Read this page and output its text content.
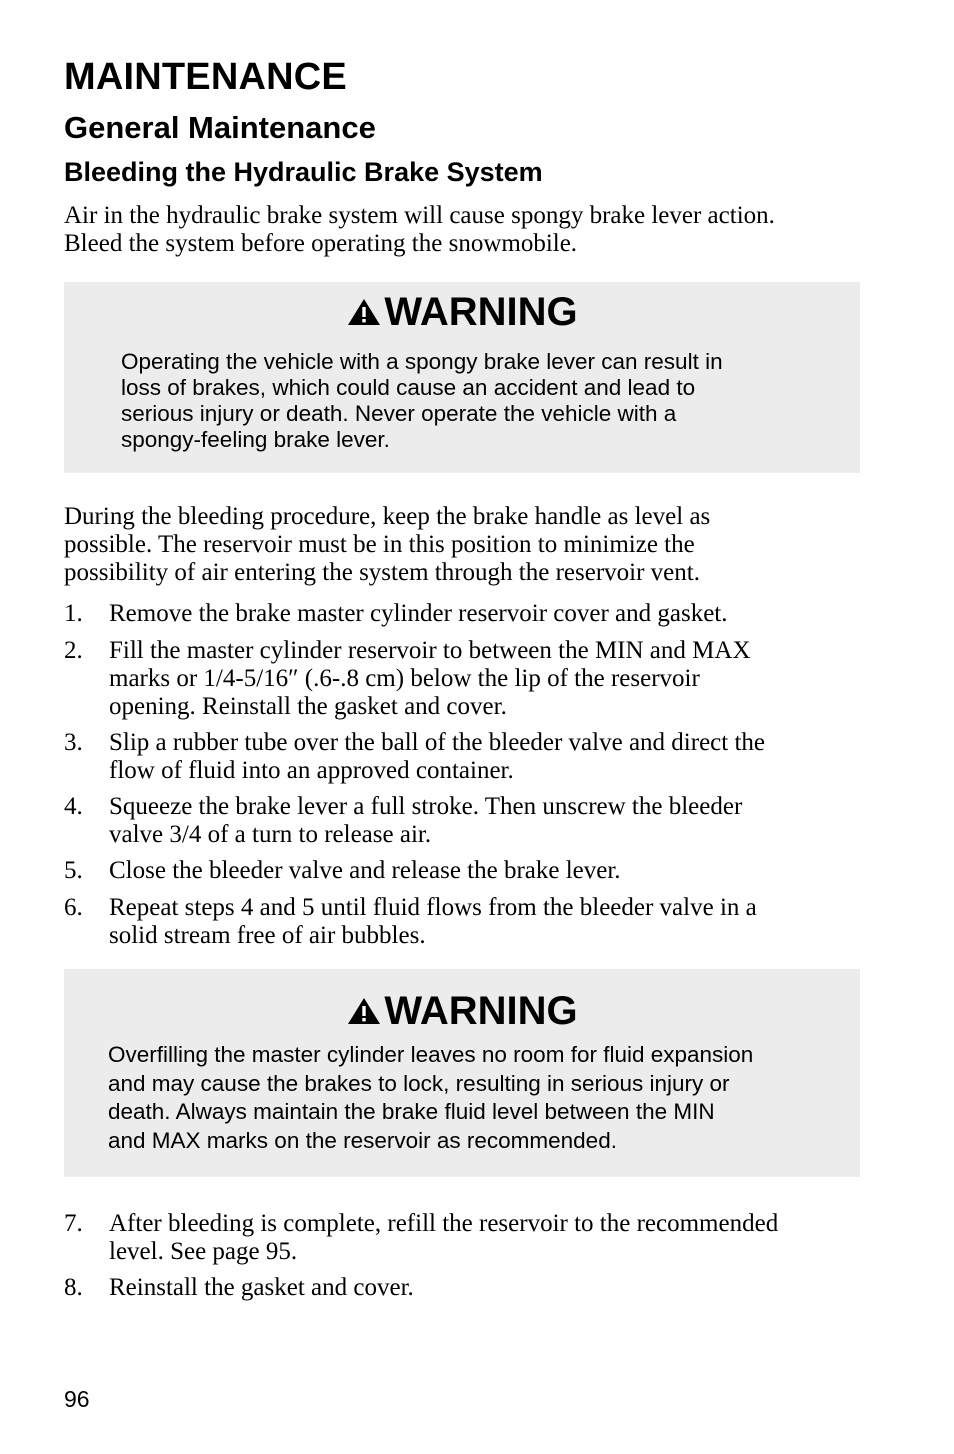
MAINTENANCE
General Maintenance
Bleeding the Hydraulic Brake System

Air in the hydraulic brake system will cause spongy brake lever action.
Bleed the system before operating the snowmobile.

WARNING

Operating the vehicle with a spongy brake lever can result in
loss of brakes, which could cause an accident and lead to
serious injury or death. Never operate the vehicle with a
spongy-feeling brake lever.

During the bleeding procedure, keep the brake handle as level as
possible. The reservoir must be in this position to minimize the
possibility of air entering the system through the reservoir vent.

1.	Remove the brake master cylinder reservoir cover and gasket.
2.	Fill the master cylinder reservoir to between the MIN and MAX
marks or 1/4-5/16″ (.6-.8 cm) below the lip of the reservoir
opening. Reinstall the gasket and cover.
3.	Slip a rubber tube over the ball of the bleeder valve and direct the
flow of fluid into an approved container.
4.	Squeeze the brake lever a full stroke. Then unscrew the bleeder
valve 3/4 of a turn to release air.
5.	Close the bleeder valve and release the brake lever.
6.	Repeat steps 4 and 5 until fluid flows from the bleeder valve in a
solid stream free of air bubbles.
WARNING

Overfilling the master cylinder leaves no room for fluid expansion
and may cause the brakes to lock, resulting in serious injury or
death. Always maintain the brake fluid level between the MIN
and MAX marks on the reservoir as recommended.

7.	After bleeding is complete, refill the reservoir to the recommended
level. See page 95.
8.	Reinstall the gasket and cover.
96
